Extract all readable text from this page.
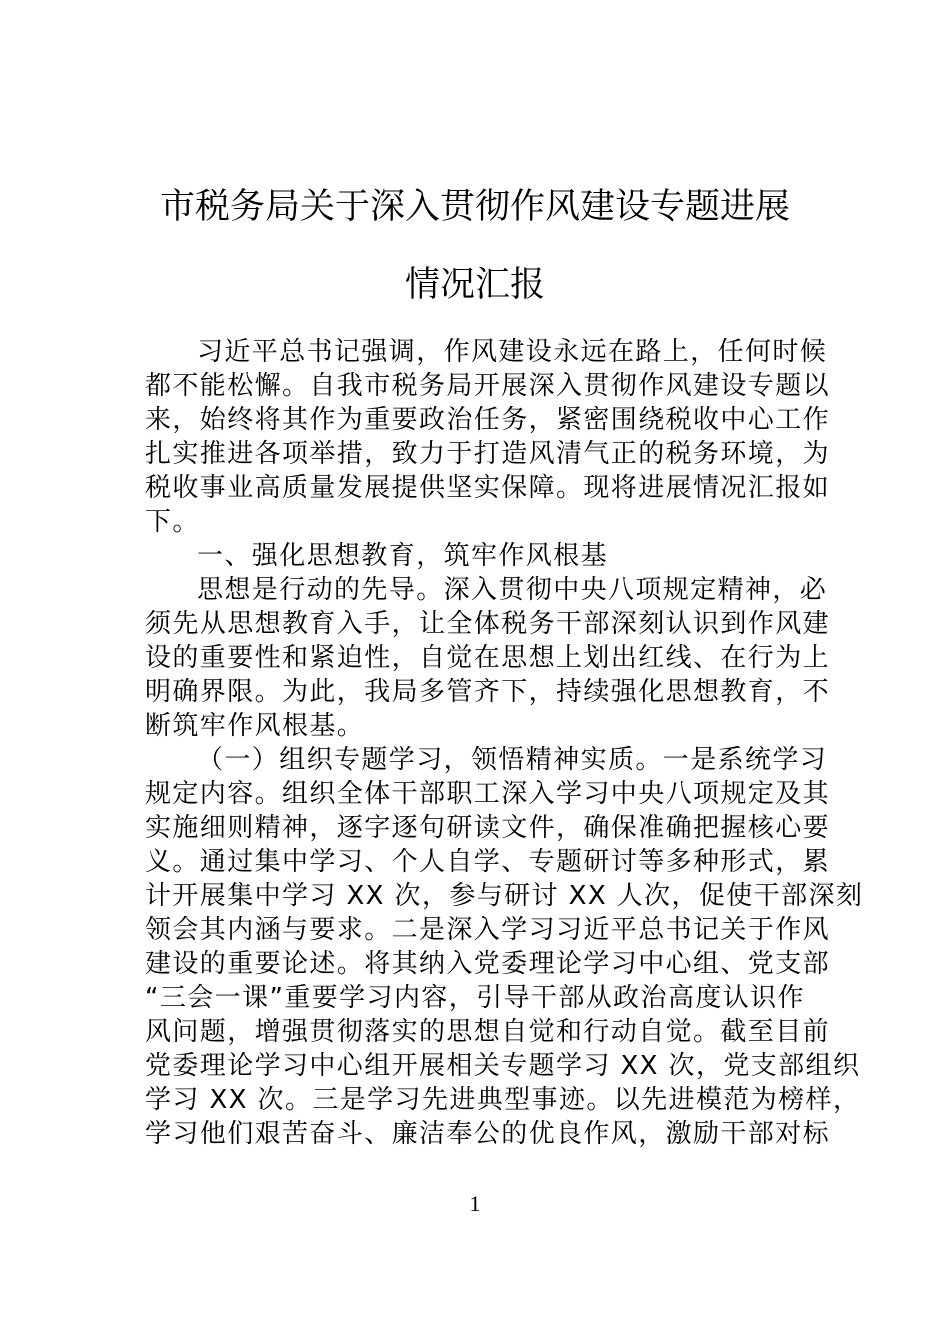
市税务局关于深入贯彻作风建设专题进展
情况汇报
习近平总书记强调，作风建设永远在路上，任何时候
都不能松懈。自我市税务局开展深入贯彻作风建设专题以
来，始终将其作为重要政治任务，紧密围绕税收中心工作
扎实推进各项举措，致力于打造风清气正的税务环境，为
税收事业高质量发展提供坚实保障。现将进展情况汇报如
下。
一、强化思想教育，筑牢作风根基
思想是行动的先导。深入贯彻中央八项规定精神，必
须先从思想教育入手，让全体税务干部深刻认识到作风建
设的重要性和紧迫性，自觉在思想上划出红线、在行为上
明确界限。为此，我局多管齐下，持续强化思想教育，不
断筑牢作风根基。
（一）组织专题学习，领悟精神实质。一是系统学习
规定内容。组织全体干部职工深入学习中央八项规定及其
实施细则精神，逐字逐句研读文件，确保准确把握核心要
义。通过集中学习、个人自学、专题研讨等多种形式，累
计开展集中学习 XX 次，参与研讨 XX 人次，促使干部深刻
领会其内涵与要求。二是深入学习习近平总书记关于作风
建设的重要论述。将其纳入党委理论学习中心组、党支部
“三会一课”重要学习内容，引导干部从政治高度认识作
风问题，增强贯彻落实的思想自觉和行动自觉。截至目前
党委理论学习中心组开展相关专题学习 XX 次，党支部组织
学习 XX 次。三是学习先进典型事迹。以先进模范为榜样，
学习他们艰苦奋斗、廉洁奉公的优良作风，激励干部对标
1
